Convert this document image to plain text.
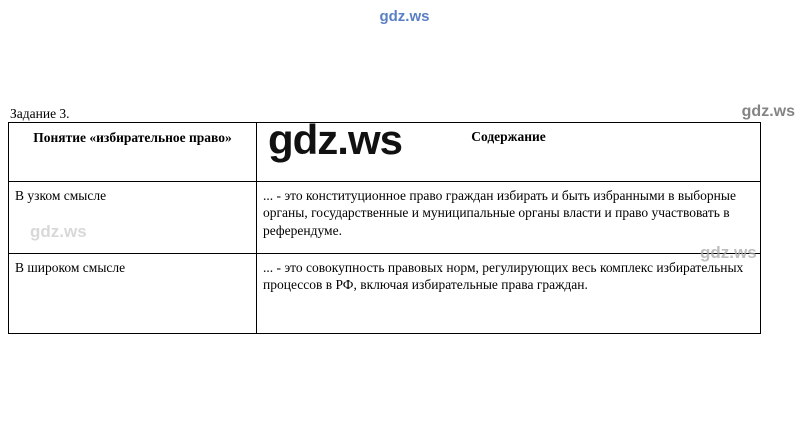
gdz.ws
Задание 3.	gdz.ws
Понятие «избирательное право»	Содержание
В узком смысле	... - это конституционное право граждан избирать и быть избранными в выборные органы, государственные и муниципальные органы власти и право участвовать в референдуме.
В широком смысле	... - это совокупность правовых норм, регулирующих весь комплекс избирательных процессов в РФ, включая избирательные права граждан.
gdz.ws
gdz.ws
gdz.ws
